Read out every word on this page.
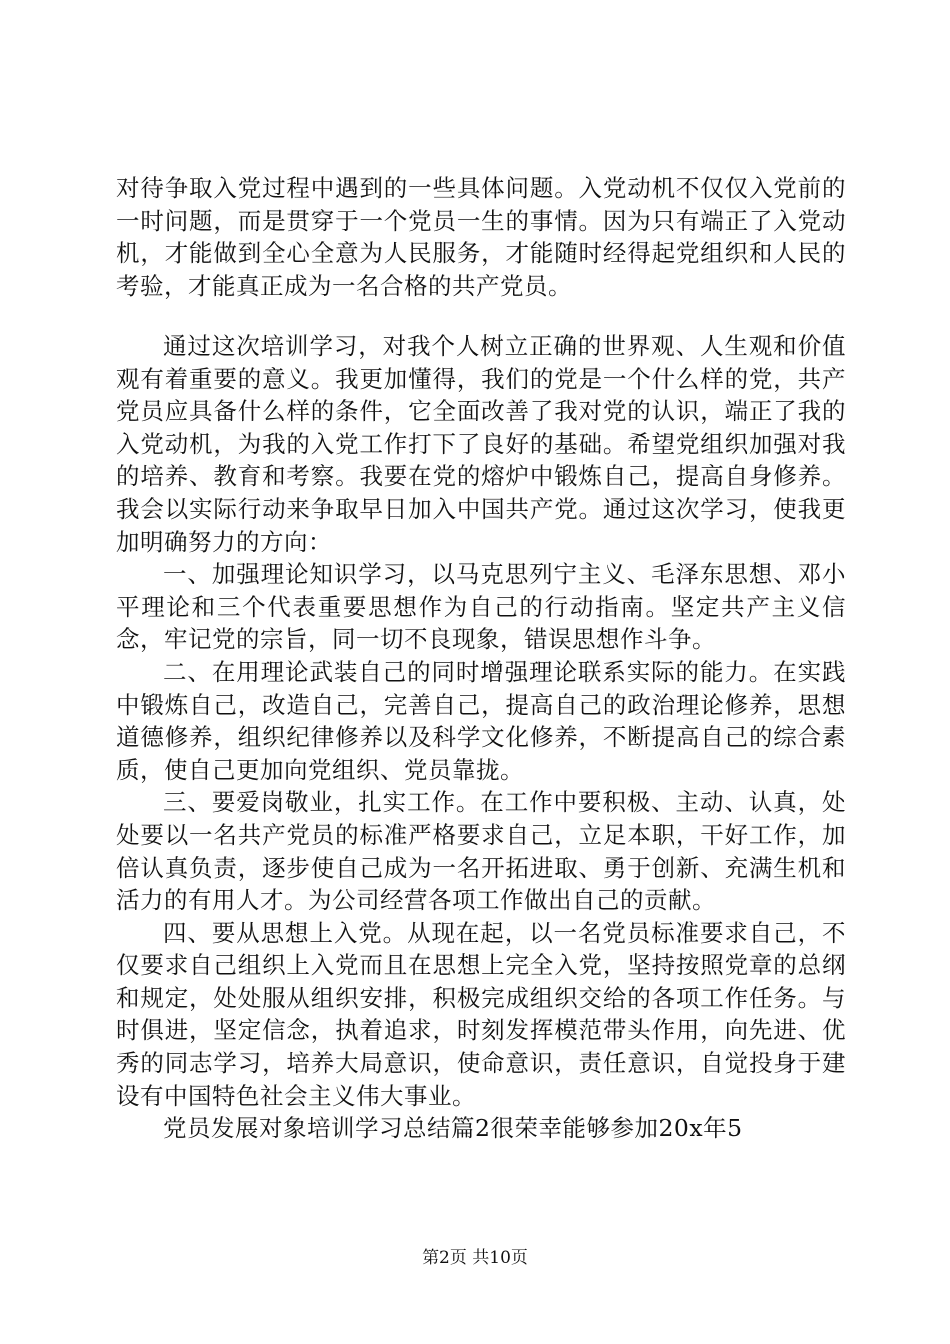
对待争取入党过程中遇到的一些具体问题。入党动机不仅仅入党前的一时问题，而是贯穿于一个党员一生的事情。因为只有端正了入党动机，才能做到全心全意为人民服务，才能随时经得起党组织和人民的考验，才能真正成为一名合格的共产党员。

通过这次培训学习，对我个人树立正确的世界观、人生观和价值观有着重要的意义。我更加懂得，我们的党是一个什么样的党，共产党员应具备什么样的条件，它全面改善了我对党的认识，端正了我的入党动机，为我的入党工作打下了良好的基础。希望党组织加强对我的培养、教育和考察。我要在党的熔炉中锻炼自己，提高自身修养。我会以实际行动来争取早日加入中国共产党。通过这次学习，使我更加明确努力的方向：

一、加强理论知识学习，以马克思列宁主义、毛泽东思想、邓小平理论和三个代表重要思想作为自己的行动指南。坚定共产主义信念，牢记党的宗旨，同一切不良现象，错误思想作斗争。

二、在用理论武装自己的同时增强理论联系实际的能力。在实践中锻炼自己，改造自己，完善自己，提高自己的政治理论修养，思想道德修养，组织纪律修养以及科学文化修养，不断提高自己的综合素质，使自己更加向党组织、党员靠拢。

三、要爱岗敬业，扎实工作。在工作中要积极、主动、认真，处处要以一名共产党员的标准严格要求自己，立足本职，干好工作，加倍认真负责，逐步使自己成为一名开拓进取、勇于创新、充满生机和活力的有用人才。为公司经营各项工作做出自己的贡献。

四、要从思想上入党。从现在起，以一名党员标准要求自己，不仅要求自己组织上入党而且在思想上完全入党，坚持按照党章的总纲和规定，处处服从组织安排，积极完成组织交给的各项工作任务。与时俱进，坚定信念，执着追求，时刻发挥模范带头作用，向先进、优秀的同志学习，培养大局意识，使命意识，责任意识，自觉投身于建设有中国特色社会主义伟大事业。

党员发展对象培训学习总结篇2很荣幸能够参加20x年5

第2页 共10页
